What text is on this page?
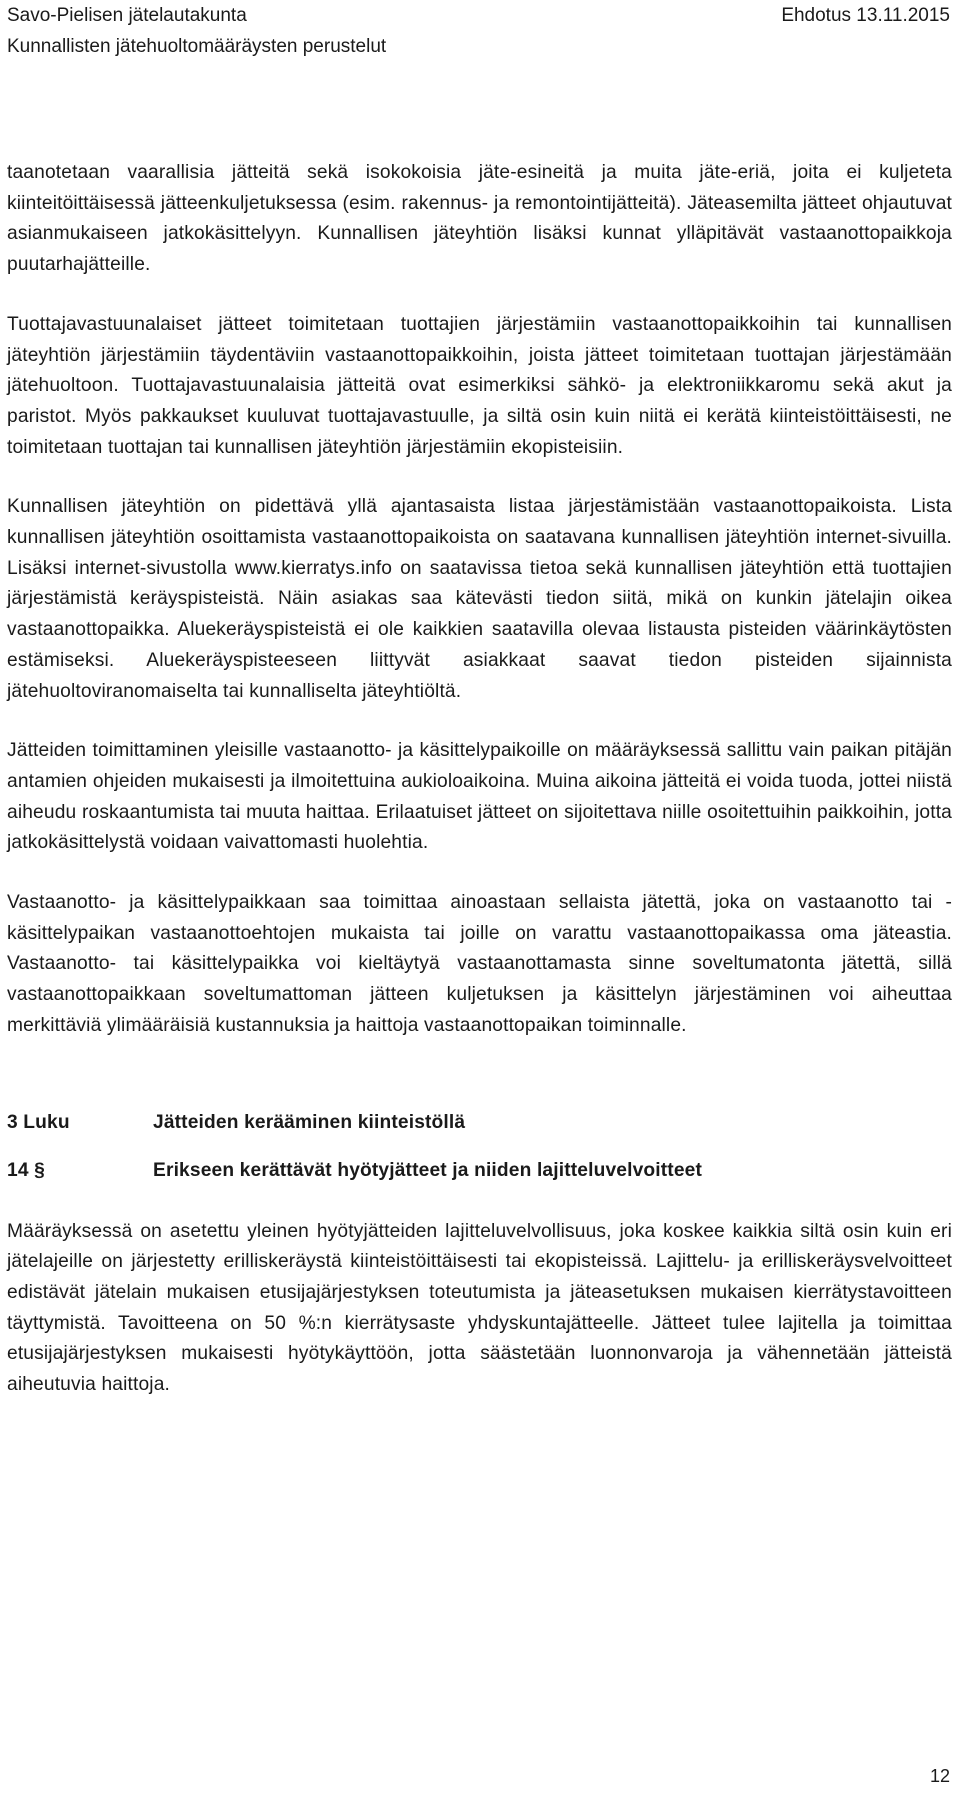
Savo-Pielisen jätelautakunta	Ehdotus 13.11.2015
Kunnallisten jätehuoltomääräysten perustelut

taanotetaan vaarallisia jätteitä sekä isokokoisia jäte-esineitä ja muita jäte-eriä, joita ei kuljeteta kiinteitöittäisessä jätteenkuljetuksessa (esim. rakennus- ja remontointijätteitä). Jäteasemilta jätteet ohjautuvat asianmukaiseen jatkokäsittelyyn. Kunnallisen jäteyhtiön lisäksi kunnat ylläpitävät vastaanottopaikkoja puutarhajätteille.

Tuottajavastuunalaiset jätteet toimitetaan tuottajien järjestämiin vastaanottopaikkoihin tai kunnallisen jäteyhtiön järjestämiin täydentäviin vastaanottopaikkoihin, joista jätteet toimitetaan tuottajan järjestämään jätehuoltoon. Tuottajavastuunalaisia jätteitä ovat esimerkiksi sähkö- ja elektroniikkaromu sekä akut ja paristot. Myös pakkaukset kuuluvat tuottajavastuulle, ja siltä osin kuin niitä ei kerätä kiinteistöittäisesti, ne toimitetaan tuottajan tai kunnallisen jäteyhtiön järjestämiin ekopisteisiin.

Kunnallisen jäteyhtiön on pidettävä yllä ajantasaista listaa järjestämistään vastaanottopaikoista. Lista kunnallisen jäteyhtiön osoittamista vastaanottopaikoista on saatavana kunnallisen jäteyhtiön internet-sivuilla. Lisäksi internet-sivustolla www.kierratys.info on saatavissa tietoa sekä kunnallisen jäteyhtiön että tuottajien järjestämistä keräyspisteistä. Näin asiakas saa kätevästi tiedon siitä, mikä on kunkin jätelajin oikea vastaanottopaikka. Aluekeräyspisteistä ei ole kaikkien saatavilla olevaa listausta pisteiden väärinkäytösten estämiseksi. Aluekeräyspisteeseen liittyvät asiakkaat saavat tiedon pisteiden sijainnista jätehuoltoviranomaiselta tai kunnalliselta jäteyhtiöltä.

Jätteiden toimittaminen yleisille vastaanotto- ja käsittelypaikoille on määräyksessä sallittu vain paikan pitäjän antamien ohjeiden mukaisesti ja ilmoitettuina aukioloaikoina. Muina aikoina jätteitä ei voida tuoda, jottei niistä aiheudu roskaantumista tai muuta haittaa. Erilaatuiset jätteet on sijoitettava niille osoitettuihin paikkoihin, jotta jatkokäsittelystä voidaan vaivattomasti huolehtia.

Vastaanotto- ja käsittelypaikkaan saa toimittaa ainoastaan sellaista jätettä, joka on vastaanotto tai -käsittelypaikan vastaanottoehtojen mukaista tai joille on varattu vastaanottopaikassa oma jäteastia. Vastaanotto- tai käsittelypaikka voi kieltäytyä vastaanottamasta sinne soveltumatonta jätettä, sillä vastaanottopaikkaan soveltumattoman jätteen kuljetuksen ja käsittelyn järjestäminen voi aiheuttaa merkittäviä ylimääräisiä kustannuksia ja haittoja vastaanottopaikan toiminnalle.

3 Luku	Jätteiden kerääminen kiinteistöllä
14 §	Erikseen kerättävät hyötyjätteet ja niiden lajitteluvelvoitteet

Määräyksessä on asetettu yleinen hyötyjätteiden lajitteluvelvollisuus, joka koskee kaikkia siltä osin kuin eri jätelajeille on järjestetty erilliskeräystä kiinteistöittäisesti tai ekopisteissä. Lajittelu- ja erilliskeräysvelvoitteet edistävät jätelain mukaisen etusijajärjestyksen toteutumista ja jäteasetuksen mukaisen kierrätystavoitteen täyttymistä. Tavoitteena on 50 %:n kierrätysaste yhdyskuntajätteelle. Jätteet tulee lajitella ja toimittaa etusijajärjestyksen mukaisesti hyötykäyttöön, jotta säästetään luonnonvaroja ja vähennetään jätteistä aiheutuvia haittoja.

12
